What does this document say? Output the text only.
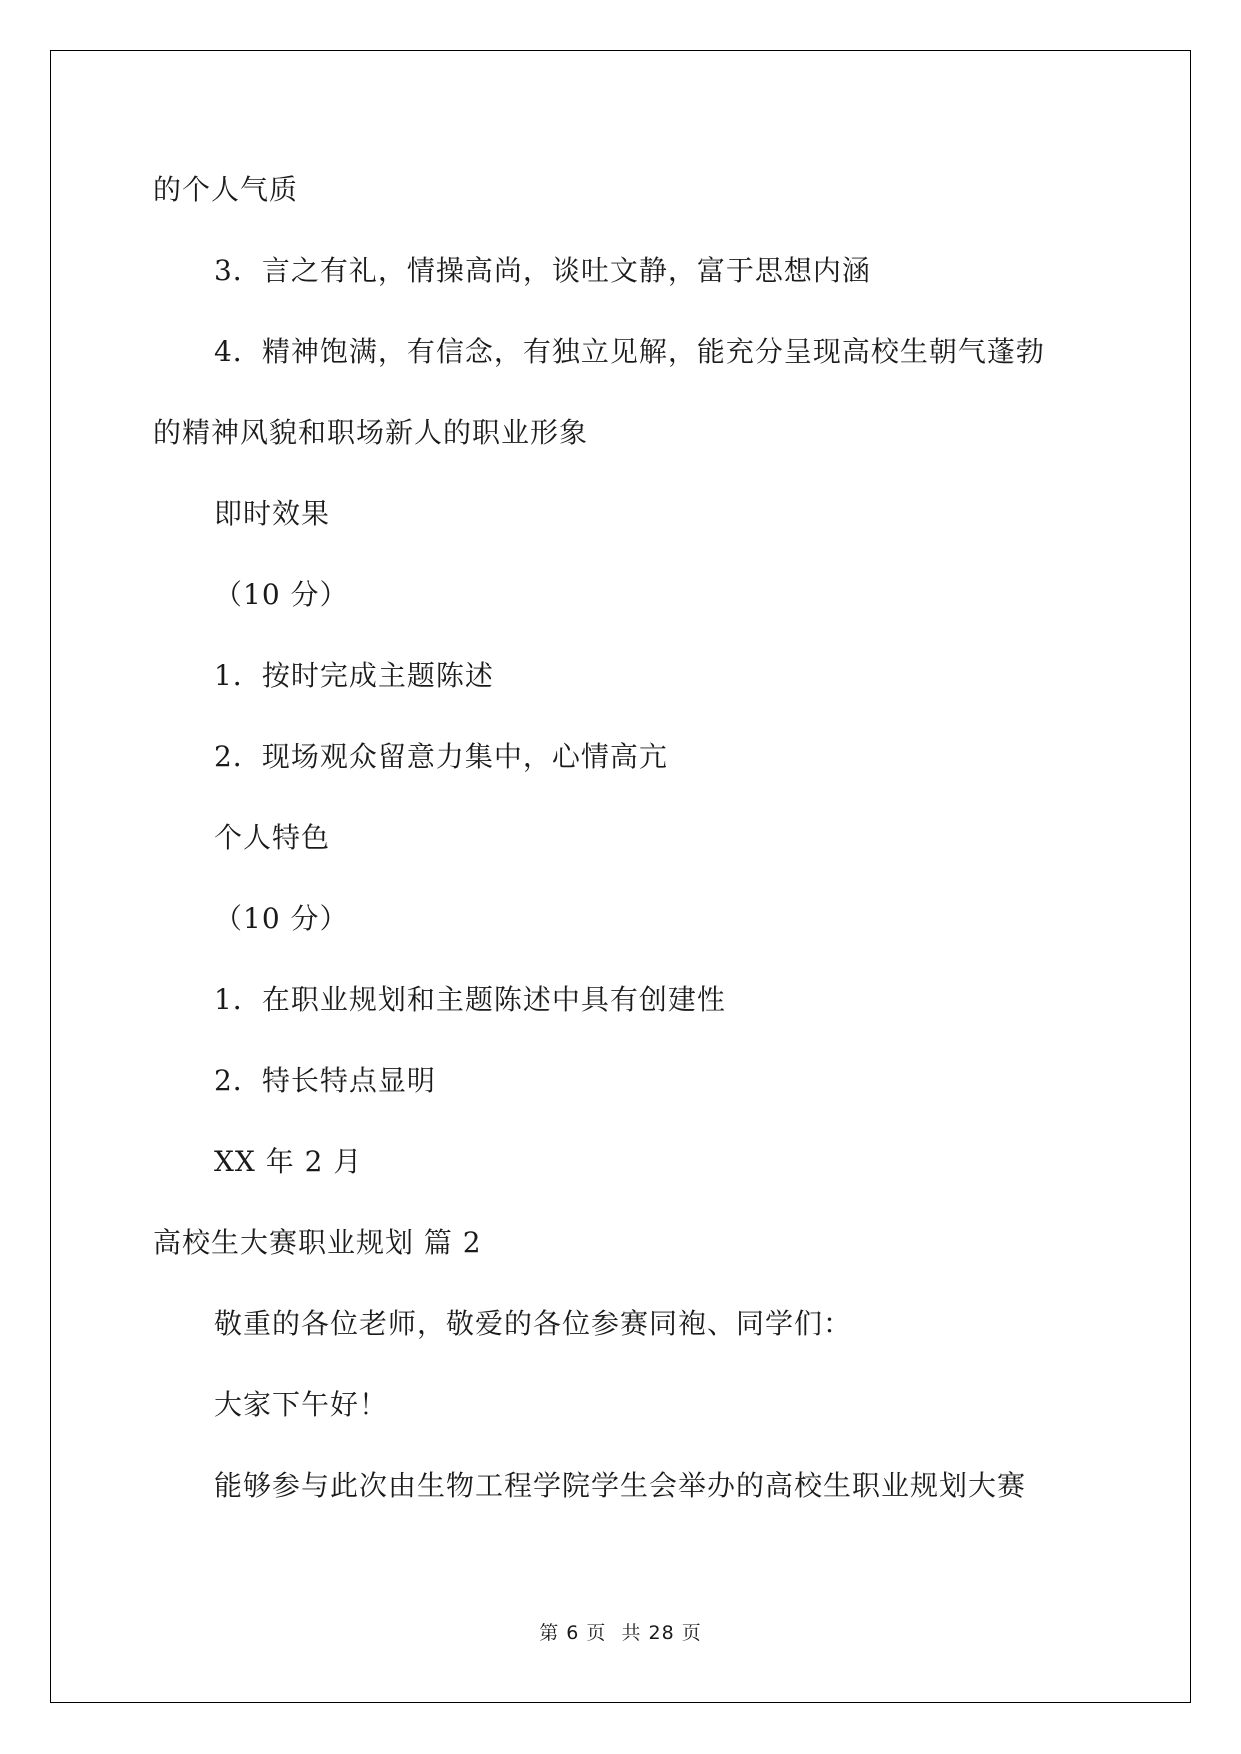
的个人气质
3．言之有礼，情操高尚，谈吐文静，富于思想内涵
4．精神饱满，有信念，有独立见解，能充分呈现高校生朝气蓬勃
的精神风貌和职场新人的职业形象
即时效果
（10 分）
1．按时完成主题陈述
2．现场观众留意力集中，心情高亢
个人特色
（10 分）
1．在职业规划和主题陈述中具有创建性
2．特长特点显明
XX 年 2 月
高校生大赛职业规划 篇 2
敬重的各位老师，敬爱的各位参赛同袍、同学们：
大家下午好！
能够参与此次由生物工程学院学生会举办的高校生职业规划大赛
第 6 页 共 28 页
